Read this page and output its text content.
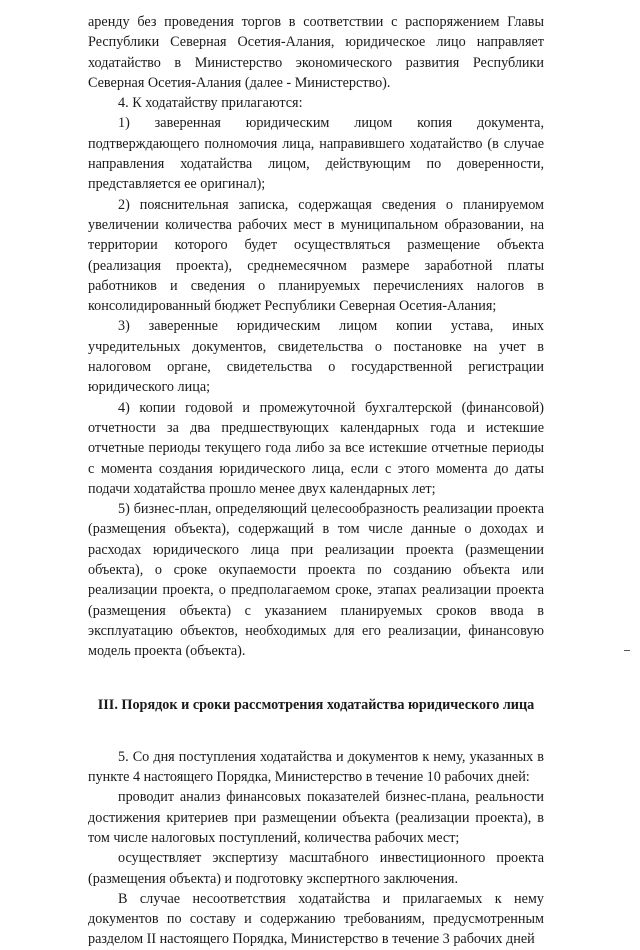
аренду без проведения торгов в соответствии с распоряжением Главы Республики Северная Осетия-Алания, юридическое лицо направляет ходатайство в Министерство экономического развития Республики Северная Осетия-Алания (далее - Министерство).

4. К ходатайству прилагаются:

1) заверенная юридическим лицом копия документа, подтверждающего полномочия лица, направившего ходатайство (в случае направления ходатайства лицом, действующим по доверенности, представляется ее оригинал);

2) пояснительная записка, содержащая сведения о планируемом увеличении количества рабочих мест в муниципальном образовании, на территории которого будет осуществляться размещение объекта (реализация проекта), среднемесячном размере заработной платы работников и сведения о планируемых перечислениях налогов в консолидированный бюджет Республики Северная Осетия-Алания;

3) заверенные юридическим лицом копии устава, иных учредительных документов, свидетельства о постановке на учет в налоговом органе, свидетельства о государственной регистрации юридического лица;

4) копии годовой и промежуточной бухгалтерской (финансовой) отчетности за два предшествующих календарных года и истекшие отчетные периоды текущего года либо за все истекшие отчетные периоды с момента создания юридического лица, если с этого момента до даты подачи ходатайства прошло менее двух календарных лет;

5) бизнес-план, определяющий целесообразность реализации проекта (размещения объекта), содержащий в том числе данные о доходах и расходах юридического лица при реализации проекта (размещении объекта), о сроке окупаемости проекта по созданию объекта или реализации проекта, о предполагаемом сроке, этапах реализации проекта (размещения объекта) с указанием планируемых сроков ввода в эксплуатацию объектов, необходимых для его реализации, финансовую модель проекта (объекта).

III. Порядок и сроки рассмотрения ходатайства юридического лица

5. Со дня поступления ходатайства и документов к нему, указанных в пункте 4 настоящего Порядка, Министерство в течение 10 рабочих дней:

проводит анализ финансовых показателей бизнес-плана, реальности достижения критериев при размещении объекта (реализации проекта), в том числе налоговых поступлений, количества рабочих мест;

осуществляет экспертизу масштабного инвестиционного проекта (размещения объекта) и подготовку экспертного заключения.

В случае несоответствия ходатайства и прилагаемых к нему документов по составу и содержанию требованиям, предусмотренным разделом II настоящего Порядка, Министерство в течение 3 рабочих дней
